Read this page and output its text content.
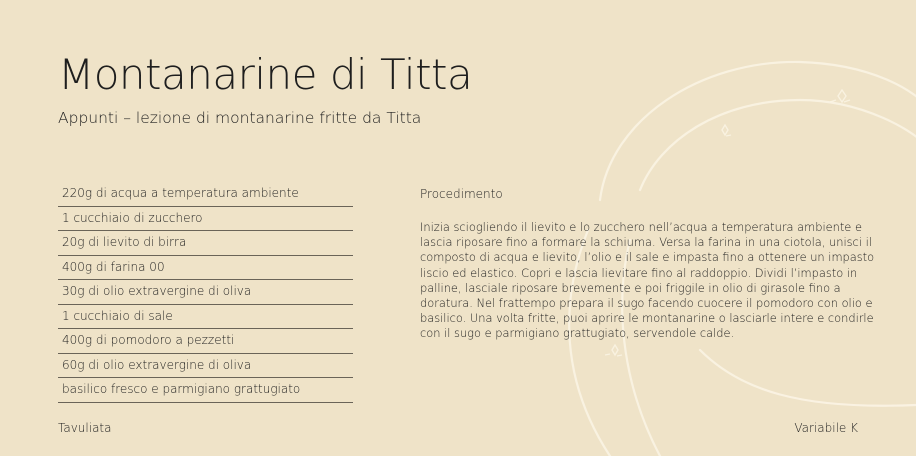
Montanarine di Titta

Appunti – lezione di montanarine fritte da Titta

220g di acqua a temperatura ambiente
1 cucchiaio di zucchero
20g di lievito di birra
400g di farina 00
30g di olio extravergine di oliva
1 cucchiaio di sale
400g di pomodoro a pezzetti
60g di olio extravergine di oliva
basilico fresco e parmigiano grattugiato
Procedimento

Inizia sciogliendo il lievito e lo zucchero nell’acqua a temperatura ambiente e lascia riposare fino a formare la schiuma. Versa la farina in una ciotola, unisci il composto di acqua e lievito, l’olio e il sale e impasta fino a ottenere un impasto liscio ed elastico. Copri e lascia lievitare fino al raddoppio. Dividi l’impasto in palline, lasciale riposare brevemente e poi friggile in olio di girasole fino a doratura. Nel frattempo prepara il sugo facendo cuocere il pomodoro con olio e basilico. Una volta fritte, puoi aprire le montanarine o lasciarle intere e condirle con il sugo e parmigiano grattugiato, servendole calde.

Tavuliata	Variabile K
